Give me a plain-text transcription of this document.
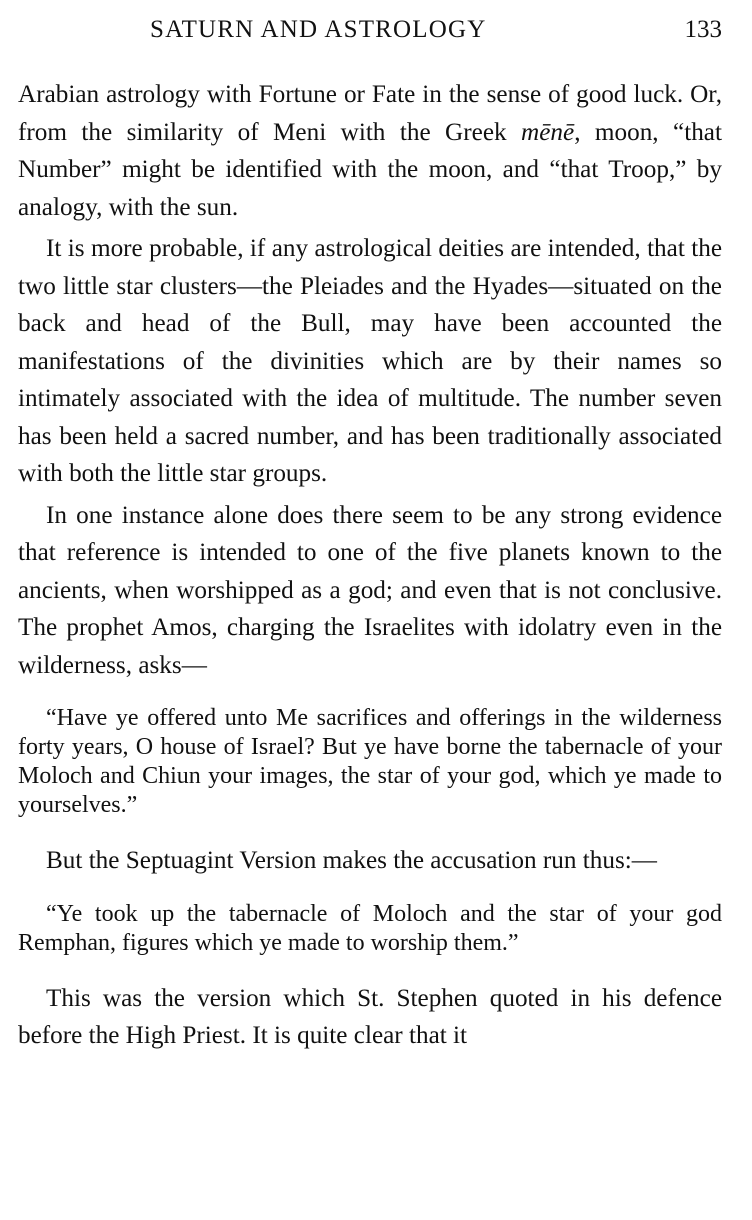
SATURN AND ASTROLOGY	133

Arabian astrology with Fortune or Fate in the sense of good luck. Or, from the similarity of Meni with the Greek mēnē, moon, “that Number” might be identified with the moon, and “that Troop,” by analogy, with the sun.

It is more probable, if any astrological deities are intended, that the two little star clusters—the Pleiades and the Hyades—situated on the back and head of the Bull, may have been accounted the manifestations of the divinities which are by their names so intimately associated with the idea of multitude. The number seven has been held a sacred number, and has been traditionally associated with both the little star groups.

In one instance alone does there seem to be any strong evidence that reference is intended to one of the five planets known to the ancients, when worshipped as a god; and even that is not conclusive. The prophet Amos, charging the Israelites with idolatry even in the wilderness, asks—

“Have ye offered unto Me sacrifices and offerings in the wilderness forty years, O house of Israel? But ye have borne the tabernacle of your Moloch and Chiun your images, the star of your god, which ye made to yourselves.”

But the Septuagint Version makes the accusation run thus:—

“Ye took up the tabernacle of Moloch and the star of your god Remphan, figures which ye made to worship them.”

This was the version which St. Stephen quoted in his defence before the High Priest. It is quite clear that it
